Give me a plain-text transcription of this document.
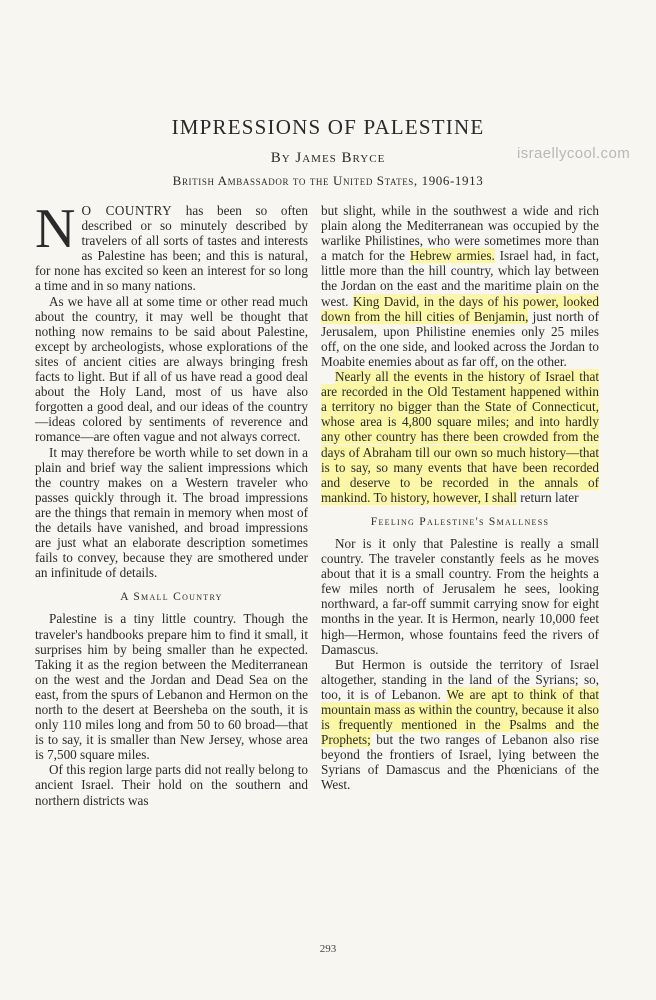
IMPRESSIONS OF PALESTINE
By James Bryce
British Ambassador to the United States, 1906-1913
israellycool.com

N O COUNTRY has been so often described or so minutely described by travelers of all sorts of tastes and interests as Palestine has been; and this is natural, for none has excited so keen an interest for so long a time and in so many nations.

As we have all at some time or other read much about the country, it may well be thought that nothing now remains to be said about Palestine, except by archeologists, whose explorations of the sites of ancient cities are always bringing fresh facts to light. But if all of us have read a good deal about the Holy Land, most of us have also forgotten a good deal, and our ideas of the country—ideas colored by sentiments of reverence and romance—are often vague and not always correct.

It may therefore be worth while to set down in a plain and brief way the salient impressions which the country makes on a Western traveler who passes quickly through it. The broad impressions are the things that remain in memory when most of the details have vanished, and broad impressions are just what an elaborate description sometimes fails to convey, because they are smothered under an infinitude of details.

A Small Country

Palestine is a tiny little country. Though the traveler's handbooks prepare him to find it small, it surprises him by being smaller than he expected. Taking it as the region between the Mediterranean on the west and the Jordan and Dead Sea on the east, from the spurs of Lebanon and Hermon on the north to the desert at Beersheba on the south, it is only 110 miles long and from 50 to 60 broad—that is to say, it is smaller than New Jersey, whose area is 7,500 square miles.

Of this region large parts did not really belong to ancient Israel. Their hold on the southern and northern districts was

but slight, while in the southwest a wide and rich plain along the Mediterranean was occupied by the warlike Philistines, who were sometimes more than a match for the Hebrew armies. Israel had, in fact, little more than the hill country, which lay between the Jordan on the east and the maritime plain on the west. King David, in the days of his power, looked down from the hill cities of Benjamin, just north of Jerusalem, upon Philistine enemies only 25 miles off, on the one side, and looked across the Jordan to Moabite enemies about as far off, on the other.

Nearly all the events in the history of Israel that are recorded in the Old Testament happened within a territory no bigger than the State of Connecticut, whose area is 4,800 square miles; and into hardly any other country has there been crowded from the days of Abraham till our own so much history—that is to say, so many events that have been recorded and deserve to be recorded in the annals of mankind. To history, however, I shall return later

Feeling Palestine's Smallness

Nor is it only that Palestine is really a small country. The traveler constantly feels as he moves about that it is a small country. From the heights a few miles north of Jerusalem he sees, looking northward, a far-off summit carrying snow for eight months in the year. It is Hermon, nearly 10,000 feet high—Hermon, whose fountains feed the rivers of Damascus.

But Hermon is outside the territory of Israel altogether, standing in the land of the Syrians; so, too, it is of Lebanon. We are apt to think of that mountain mass as within the country, because it also is frequently mentioned in the Psalms and the Prophets; but the two ranges of Lebanon also rise beyond the frontiers of Israel, lying between the Syrians of Damascus and the Phœnicians of the West.

293
